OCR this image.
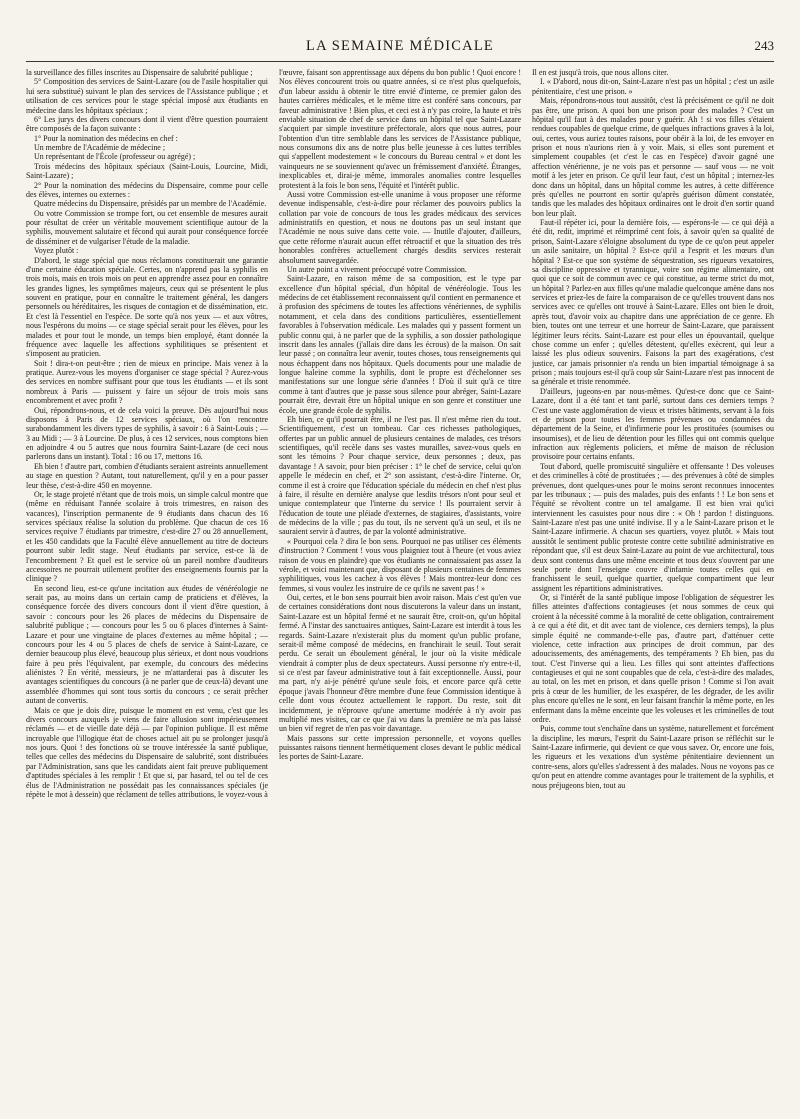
LA SEMAINE MÉDICALE	243

la surveillance des filles inscrites au Dispensaire de salubrité publique ;

5° Composition des services de Saint-Lazare (ou de l'asile hospitalier qui lui sera substitué) suivant le plan des services de l'Assistance publique ; et utilisation de ces services pour le stage spécial imposé aux étudiants en médecine dans les hôpitaux spéciaux ;

6° Les jurys des divers concours dont il vient d'être question pourraient être composés de la façon suivante :

1° Pour la nomination des médecins en chef :

Un membre de l'Académie de médecine ;

Un représentant de l'École (professeur ou agrégé) ;

Trois médecins des hôpitaux spéciaux (Saint-Louis, Lourcine, Midi, Saint-Lazare) ;

2° Pour la nomination des médecins du Dispensaire, comme pour celle des élèves, internes ou externes :

Quatre médecins du Dispensaire, présidés par un membre de l'Académie.

Ou votre Commission se trompe fort, ou cet ensemble de mesures aurait pour résultat de créer un véritable mouvement scientifique autour de la syphilis, mouvement salutaire et fécond qui aurait pour conséquence forcée de disséminer et de vulgariser l'étude de la maladie.

Voyez plutôt :

D'abord, le stage spécial que nous réclamons constituerait une garantie d'une certaine éducation spéciale. Certes, on n'apprend pas la syphilis en trois mois, mais en trois mois on peut en apprendre assez pour en connaître les grandes lignes, les symptômes majeurs, ceux qui se présentent le plus souvent en pratique, pour en connaître le traitement général, les dangers personnels ou héréditaires, les risques de contagion et de dissémination, etc. Et c'est là l'essentiel en l'espèce. De sorte qu'à nos yeux — et aux vôtres, nous l'espérons du moins — ce stage spécial serait pour les élèves, pour les malades et pour tout le monde, un temps bien employé, étant donnée la fréquence avec laquelle les affections syphilitiques se présentent et s'imposent au praticien.

Soit ! dira-t-on peut-être ; rien de mieux en principe. Mais venez à la pratique. Aurez-vous les moyens d'organiser ce stage spécial ? Aurez-vous des services en nombre suffisant pour que tous les étudiants — et ils sont nombreux à Paris — puissent y faire un séjour de trois mois sans encombrement et avec profit ?

Oui, répondrons-nous, et de cela voici la preuve. Dès aujourd'hui nous disposons à Paris de 12 services spéciaux, où l'on rencontre surabondamment les divers types de syphilis, à savoir : 6 à Saint-Louis ; — 3 au Midi ; — 3 à Lourcine. De plus, à ces 12 services, nous comptons bien en adjoindre 4 ou 5 autres que nous fournira Saint-Lazare (de ceci nous parlerons dans un instant). Total : 16 ou 17, mettons 16.

Eh bien ! d'autre part, combien d'étudiants seraient astreints annuellement au stage en question ? Autant, tout naturellement, qu'il y en a pour passer leur thèse, c'est-à-dire 450 en moyenne.

Or, le stage projeté n'étant que de trois mois, un simple calcul montre que (même en réduisant l'année scolaire à trois trimestres, en raison des vacances), l'inscription permanente de 9 étudiants dans chacun des 16 services spéciaux réalise la solution du problème. Que chacun de ces 16 services reçoive 7 étudiants par trimestre, c'est-dire 27 ou 28 annuellement, et les 450 candidats que la Faculté élève annuellement au titre de docteurs pourront subir ledit stage. Neuf étudiants par service, est-ce là de l'encombrement ? Et quel est le service où un pareil nombre d'auditeurs accessoires ne pourrait utilement profiter des enseignements fournis par la clinique ?

En second lieu, est-ce qu'une incitation aux études de vénéréologie ne serait pas, au moins dans un certain camp de praticiens et d'élèves, la conséquence forcée des divers concours dont il vient d'être question, à savoir : concours pour les 26 places de médecins du Dispensaire de salubrité publique ; — concours pour les 5 ou 6 places d'internes à Saint-Lazare et pour une vingtaine de places d'externes au même hôpital ; — concours pour les 4 ou 5 places de chefs de service à Saint-Lazare, ce dernier beaucoup plus élevé, beaucoup plus sérieux, et dont nous voudrions faire à peu près l'équivalent, par exemple, du concours des médecins aliénistes ? En vérité, messieurs, je ne m'attarderai pas à discuter les avantages scientifiques du concours (à ne parler que de ceux-là) devant une assemblée d'hommes qui sont tous sortis du concours ; ce serait prêcher autant de convertis.

Mais ce que je dois dire, puisque le moment en est venu, c'est que les divers concours auxquels je viens de faire allusion sont impérieusement réclamés — et de vieille date déjà — par l'opinion publique. Il est même incroyable que l'illogique état de choses actuel ait pu se prolonger jusqu'à nos jours. Quoi ! des fonctions où se trouve intéressée la santé publique, telles que celles des médecins du Dispensaire de salubrité, sont distribuées par l'Administration, sans que les candidats aient fait preuve publiquement d'aptitudes spéciales à les remplir ! Et que si, par hasard, tel ou tel de ces élus de l'Administration ne possédait pas les connaissances spéciales (je répète le mot à dessein) que réclament de telles attributions, le voyez-vous à

l'œuvre, faisant son apprentissage aux dépens du bon public ! Quoi encore ! Nos élèves concourent trois ou quatre années, si ce n'est plus quelquefois, d'un labeur assidu à obtenir le titre envié d'interne, ce premier galon des hautes carrières médicales, et le même titre est conféré sans concours, par faveur administrative ! Bien plus, et ceci est à n'y pas croire, la haute et très enviable situation de chef de service dans un hôpital tel que Saint-Lazare s'acquiert par simple investiture préfectorale, alors que nous autres, pour l'obtention d'un titre semblable dans les services de l'Assistance publique, nous consumons dix ans de notre plus belle jeunesse à ces luttes terribles qui s'appellent modestement « le concours du Bureau central » et dont les vainqueurs ne se souviennent qu'avec un frémissement d'anxiété. Étranges, inexplicables et, dirai-je même, immorales anomalies contre lesquelles protestent à la fois le bon sens, l'équité et l'intérêt public.

Aussi votre Commission est-elle unanime à vous proposer une réforme devenue indispensable, c'est-à-dire pour réclamer des pouvoirs publics la collation par voie de concours de tous les grades médicaux des services administratifs en question, et nous ne doutons pas un seul instant que l'Académie ne nous suive dans cette voie. — Inutile d'ajouter, d'ailleurs, que cette réforme n'aurait aucun effet rétroactif et que la situation des très honorables confrères actuellement chargés desdits services resterait absolument sauvegardée.

Un autre point a vivement préoccupé votre Commission.

Saint-Lazare, en raison même de sa composition, est le type par excellence d'un hôpital spécial, d'un hôpital de vénéréologie. Tous les médecins de cet établissement reconnaissent qu'il contient en permanence et à profusion des spécimens de toutes les affections vénériennes, de syphilis notamment, et cela dans des conditions particulières, essentiellement favorables à l'observation médicale. Les malades qui y passent forment un public connu qui, à ne parler que de la syphilis, a son dossier pathologique inscrit dans les annales (j'allais dire dans les écrous) de la maison. On sait leur passé ; on connaîtra leur avenir, toutes choses, tous renseignements qui nous échappent dans nos hôpitaux. Quels documents pour une maladie de longue haleine comme la syphilis, dont le propre est d'échelonner ses manifestations sur une longue série d'années ! D'où il suit qu'à ce titre comme à tant d'autres que je passe sous silence pour abréger, Saint-Lazare pourrait être, devrait être un hôpital unique en son genre et constituer une école, une grande école de syphilis.

Eh bien, ce qu'il pourrait être, il ne l'est pas. Il n'est même rien du tout. Scientifiquement, c'est un tombeau. Car ces richesses pathologiques, offertes par un public annuel de plusieurs centaines de malades, ces trésors scientifiques, qu'il recèle dans ses vastes murailles, savez-vous quels en sont les témoins ? Pour chaque service, deux personnes ; deux, pas davantage ! A savoir, pour bien préciser : 1° le chef de service, celui qu'on appelle le médecin en chef, et 2° son assistant, c'est-à-dire l'interne. Or, comme il est à croire que l'éducation spéciale du médecin en chef n'est plus à faire, il résulte en dernière analyse que lesdits trésors n'ont pour seul et unique contemplateur que l'interne du service ! Ils pourraient servir à l'éducation de toute une pléiade d'externes, de stagiaires, d'assistants, voire de médecins de la ville ; pas du tout, ils ne servent qu'à un seul, et ils ne sauraient servir à d'autres, de par la volonté administrative.

« Pourquoi cela ? dira le bon sens. Pourquoi ne pas utiliser ces éléments d'instruction ? Comment ! vous vous plaigniez tout à l'heure (et vous aviez raison de vous en plaindre) que vos étudiants ne connaissaient pas assez la vérole, et voici maintenant que, disposant de plusieurs centaines de femmes syphilitiques, vous les cachez à vos élèves ! Mais montrez-leur donc ces femmes, si vous voulez les instruire de ce qu'ils ne savent pas ! »

Oui, certes, et le bon sens pourrait bien avoir raison. Mais c'est qu'en vue de certaines considérations dont nous discuterons la valeur dans un instant, Saint-Lazare est un hôpital fermé et ne saurait être, croit-on, qu'un hôpital fermé. A l'instar des sanctuaires antiques, Saint-Lazare est interdit à tous les regards. Saint-Lazare n'existerait plus du moment qu'un public profane, serait-il même composé de médecins, en franchirait le seuil. Tout serait perdu. Ce serait un éboulement général, le jour où la visite médicale viendrait à compter plus de deux spectateurs. Aussi personne n'y entre-t-il, si ce n'est par faveur administrative tout à fait exceptionnelle. Aussi, pour ma part, n'y ai-je pénétré qu'une seule fois, et encore parce qu'à cette époque j'avais l'honneur d'être membre d'une feue Commission identique à celle dont vous écoutez actuellement le rapport. Du reste, soit dit incidemment, je n'éprouve qu'une amertume modérée à n'y avoir pas multiplié mes visites, car ce que j'ai vu dans la première ne m'a pas laissé un bien vif regret de n'en pas voir davantage.

Mais passons sur cette impression personnelle, et voyons quelles puissantes raisons tiennent hermétiquement closes devant le public médical les portes de Saint-Lazare.

Il en est jusqu'à trois, que nous allons citer.

I. « D'abord, nous dit-on, Saint-Lazare n'est pas un hôpital ; c'est un asile pénitentiaire, c'est une prison. »

Mais, répondrons-nous tout aussitôt, c'est là précisément ce qu'il ne doit pas être, une prison. A quoi bon une prison pour des malades ? C'est un hôpital qu'il faut à des malades pour y guérir. Ah ! si vos filles s'étaient rendues coupables de quelque crime, de quelques infractions graves à la loi, oui, certes, vous auriez toutes raisons, pour obéir à la loi, de les envoyer en prison et nous n'aurions rien à y voir. Mais, si elles sont purement et simplement coupables (et c'est le cas en l'espèce) d'avoir gagné une affection vénérienne, je ne vois pas et personne — sauf vous — ne voit motif à les jeter en prison. Ce qu'il leur faut, c'est un hôpital ; internez-les donc dans un hôpital, dans un hôpital comme les autres, à cette différence près qu'elles ne pourront en sortir qu'après guérison dûment constatée, tandis que les malades des hôpitaux ordinaires ont le droit d'en sortir quand bon leur plaît.

Faut-il répéter ici, pour la dernière fois, — espérons-le — ce qui déjà a été dit, redit, imprimé et réimprimé cent fois, à savoir qu'en sa qualité de prison, Saint-Lazare s'éloigne absolument du type de ce qu'on peut appeler un asile sanitaire, un hôpital ? Est-ce qu'il a l'esprit et les mœurs d'un hôpital ? Est-ce que son système de séquestration, ses rigueurs vexatoires, sa discipline oppressive et tyrannique, voire son régime alimentaire, ont quoi que ce soit de commun avec ce qui constitue, au terme strict du mot, un hôpital ? Parlez-en aux filles qu'une maladie quelconque amène dans nos services et priez-les de faire la comparaison de ce qu'elles trouvent dans nos services avec ce qu'elles ont trouvé à Saint-Lazare. Elles ont bien le droit, après tout, d'avoir voix au chapitre dans une appréciation de ce genre. Eh bien, toutes ont une terreur et une horreur de Saint-Lazare, que paraissent légitimer leurs récits. Saint-Lazare est pour elles un épouvantail, quelque chose comme un enfer ; qu'elles détestent, qu'elles exècrent, qui leur a laissé les plus odieux souvenirs. Faisons la part des exagérations, c'est justice, car jamais prisonnier n'a rendu un bien impartial témoignage à sa prison ; mais toujours est-il qu'à coup sûr Saint-Lazare n'est pas innocent de sa générale et triste renommée.

D'ailleurs, jugeons-en par nous-mêmes. Qu'est-ce donc que ce Saint-Lazare, dont il a été tant et tant parlé, surtout dans ces derniers temps ? C'est une vaste agglomération de vieux et tristes bâtiments, servant à la fois et de prison pour toutes les femmes prévenues ou condamnées du département de la Seine, et d'infirmerie pour les prostituées (soumises ou insoumises), et de lieu de détention pour les filles qui ont commis quelque infraction aux règlements policiers, et même de maison de réclusion provisoire pour certains enfants.

Tout d'abord, quelle promiscuité singulière et offensante ! Des voleuses et des criminelles à côté de prostituées ; — des prévenues à côté de simples prévenues, dont quelques-unes pour le moins seront reconnues innocentes par les tribunaux ; — puis des malades, puis des enfants ! ! Le bon sens et l'équité se révoltent contre un tel amalgame. Il est bien vrai qu'ici interviennent les casuistes pour nous dire : « Oh ! pardon ! distinguons. Saint-Lazare n'est pas une unité indivise. Il y a le Saint-Lazare prison et le Saint-Lazare infirmerie. A chacun ses quartiers, voyez plutôt. » Mais tout aussitôt le sentiment public proteste contre cette subtilité administrative en répondant que, s'il est deux Saint-Lazare au point de vue architectural, tous deux sont contenus dans une même enceinte et tous deux s'ouvrent par une seule porte dont l'enseigne couvre d'infamie toutes celles qui en franchissent le seuil, quelque quartier, quelque compartiment que leur assignent les répartitions administratives.

Or, si l'intérêt de la santé publique impose l'obligation de séquestrer les filles atteintes d'affections contagieuses (et nous sommes de ceux qui croient à la nécessité comme à la moralité de cette obligation, contrairement à ce qui a été dit, et dit avec tant de violence, ces derniers temps), la plus simple équité ne commande-t-elle pas, d'autre part, d'atténuer cette violence, cette infraction aux principes de droit commun, par des adoucissements, des aménagements, des tempéraments ? Eh bien, pas du tout. C'est l'inverse qui a lieu. Les filles qui sont atteintes d'affections contagieuses et qui ne sont coupables que de cela, c'est-à-dire des malades, au total, on les met en prison, et dans quelle prison ! Comme si l'on avait pris à cœur de les humilier, de les exaspérer, de les dégrader, de les avilir plus encore qu'elles ne le sont, en leur faisant franchir la même porte, en les enfermant dans la même enceinte que les voleuses et les criminelles de tout ordre.

Puis, comme tout s'enchaîne dans un système, naturellement et forcément la discipline, les mœurs, l'esprit du Saint-Lazare prison se réfléchit sur le Saint-Lazare infirmerie, qui devient ce que vous savez. Or, encore une fois, les rigueurs et les vexations d'un système pénitentiaire deviennent un contre-sens, alors qu'elles s'adressent à des malades. Nous ne voyons pas ce qu'on peut en attendre comme avantages pour le traitement de la syphilis, et nous préjugeons bien, tout au
